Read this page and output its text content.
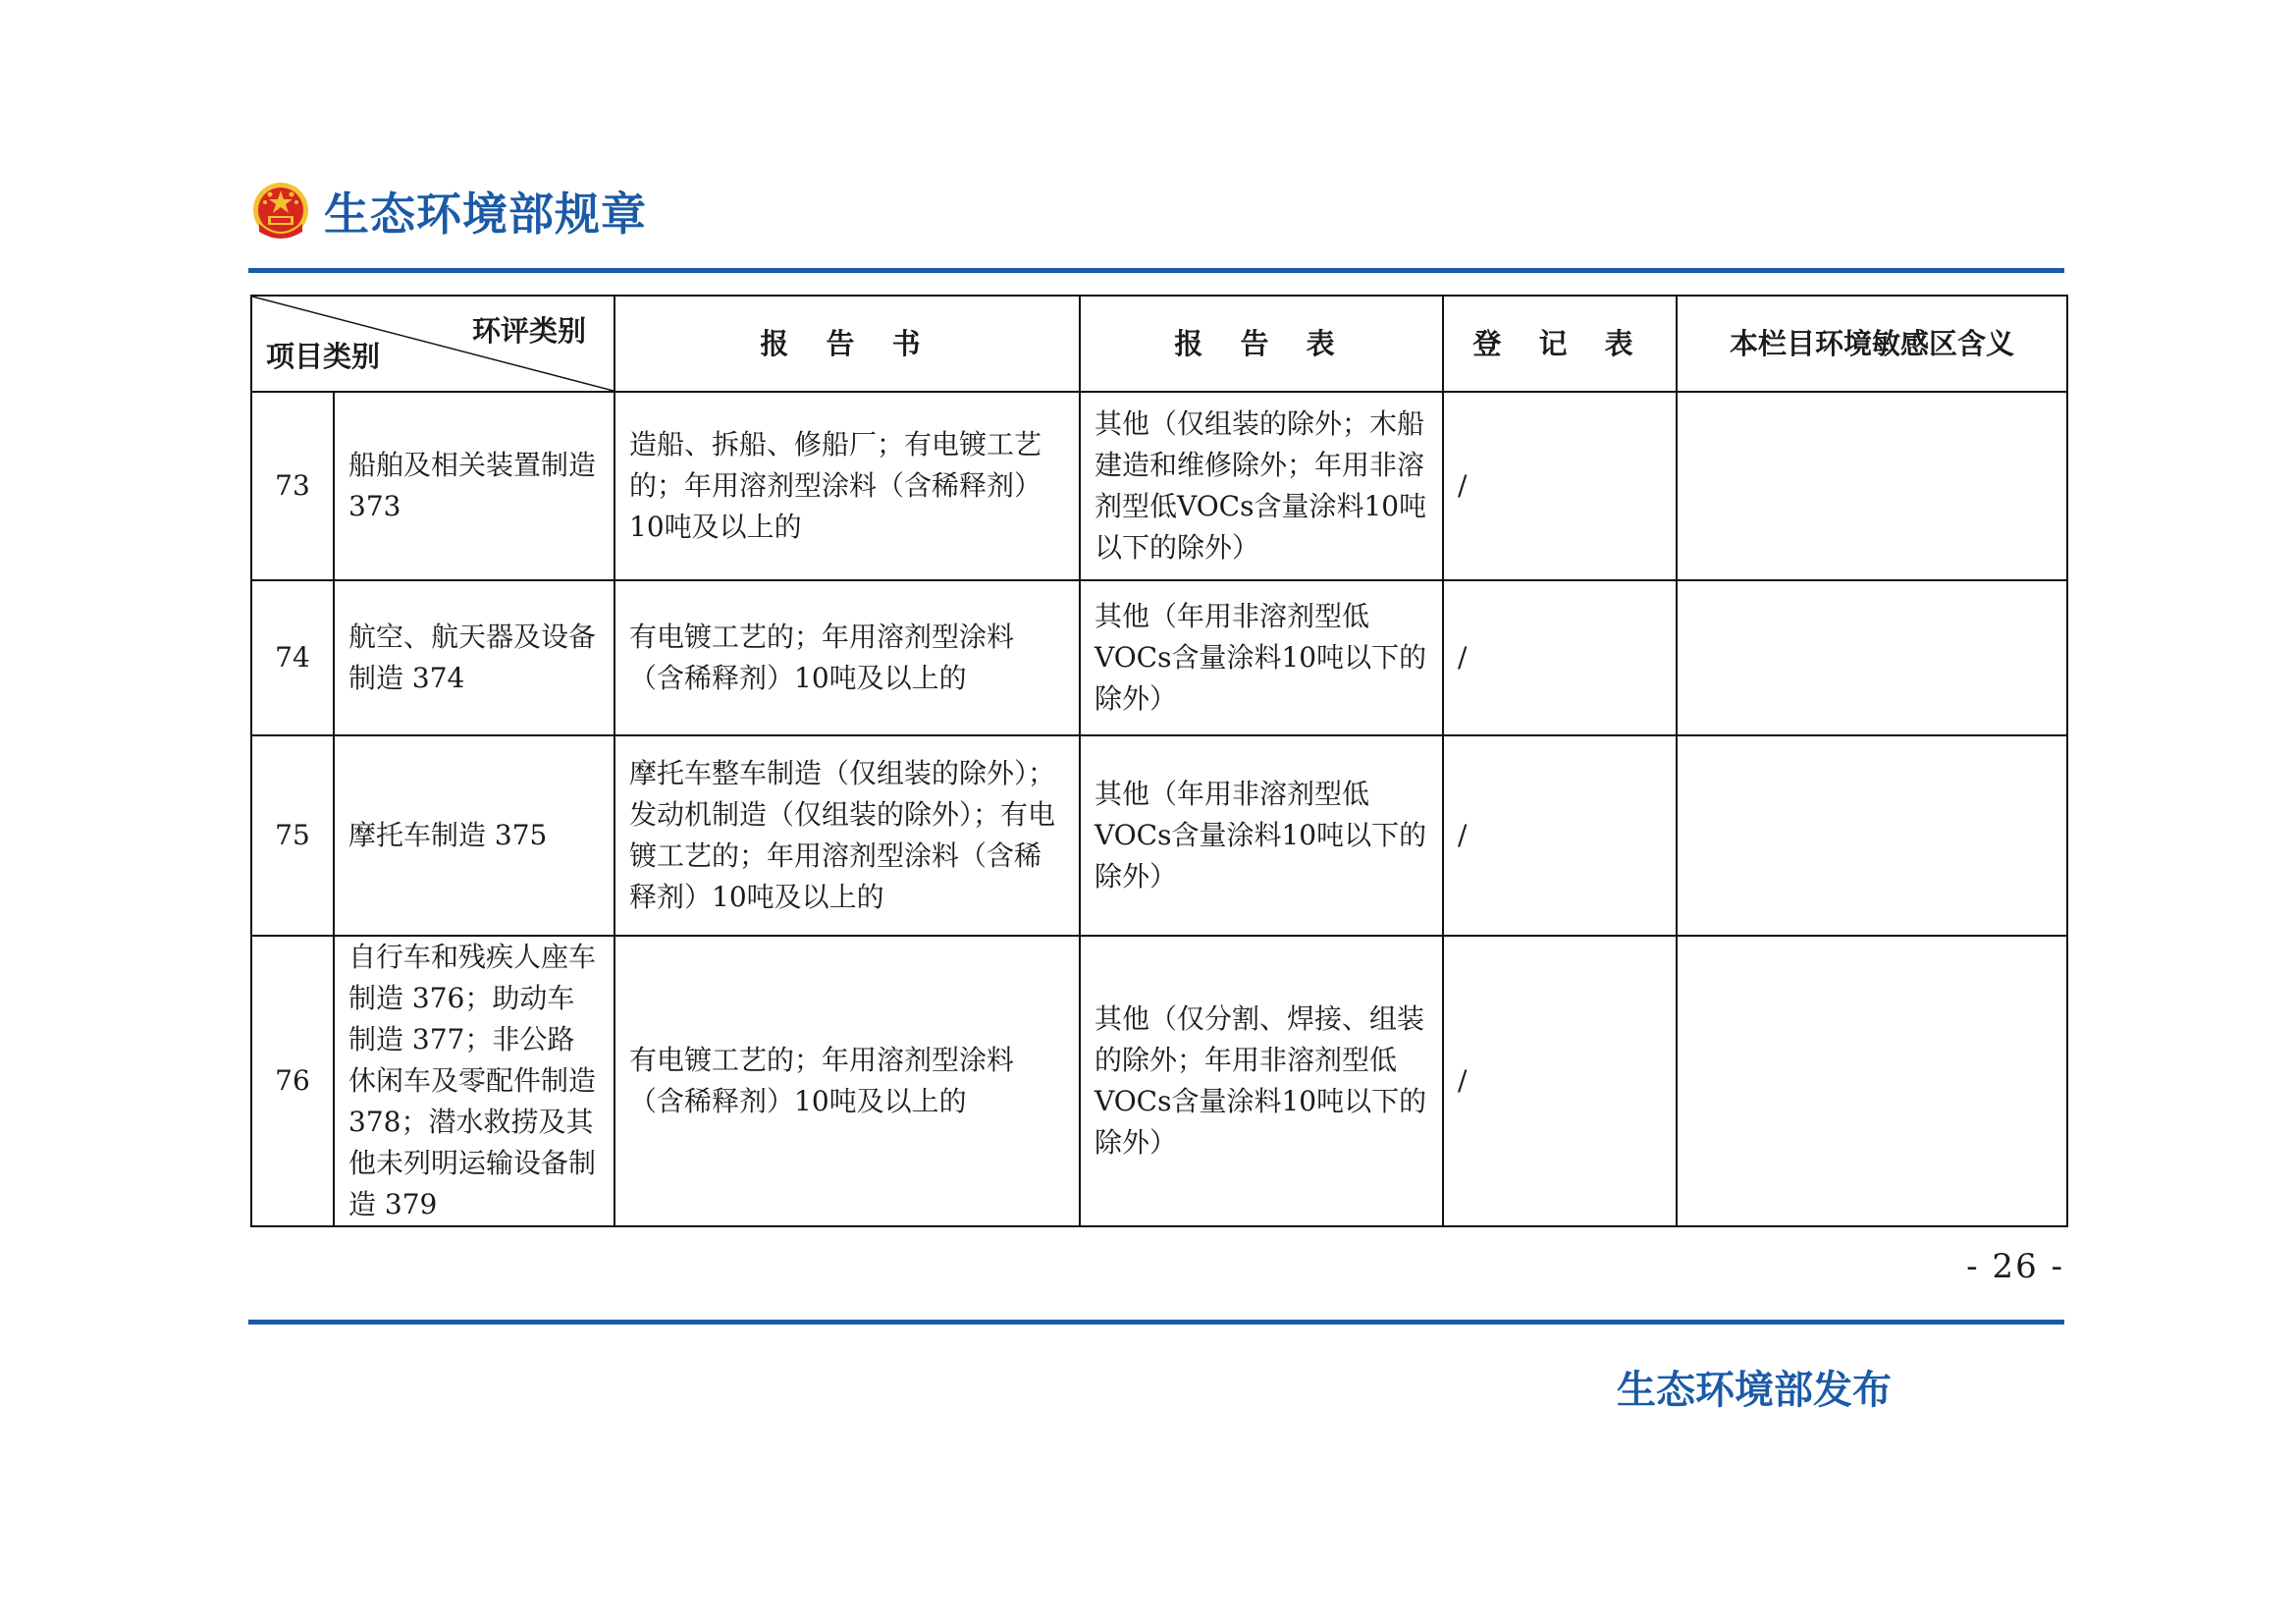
生态环境部规章
环评类别
项目类别		报 告 书	报 告 表	登 记 表	本栏目环境敏感区含义
73	船舶及相关装置制造 373	造船、拆船、修船厂；有电镀工艺的；年用溶剂型涂料（含稀释剂）10吨及以上的	其他（仅组装的除外；木船建造和维修除外；年用非溶剂型低VOCs含量涂料10吨以下的除外）	/	
74	航空、航天器及设备制造 374	有电镀工艺的；年用溶剂型涂料（含稀释剂）10吨及以上的	其他（年用非溶剂型低VOCs含量涂料10吨以下的除外）	/	
75	摩托车制造 375	摩托车整车制造（仅组装的除外）；发动机制造（仅组装的除外）；有电镀工艺的；年用溶剂型涂料（含稀释剂）10吨及以上的	其他（年用非溶剂型低VOCs含量涂料10吨以下的除外）	/	
76	自行车和残疾人座车制造 376；助动车制造 377；非公路休闲车及零配件制造 378；潜水救捞及其他未列明运输设备制造 379	有电镀工艺的；年用溶剂型涂料（含稀释剂）10吨及以上的	其他（仅分割、焊接、组装的除外；年用非溶剂型低VOCs含量涂料10吨以下的除外）	/	
- 26 -
生态环境部发布
